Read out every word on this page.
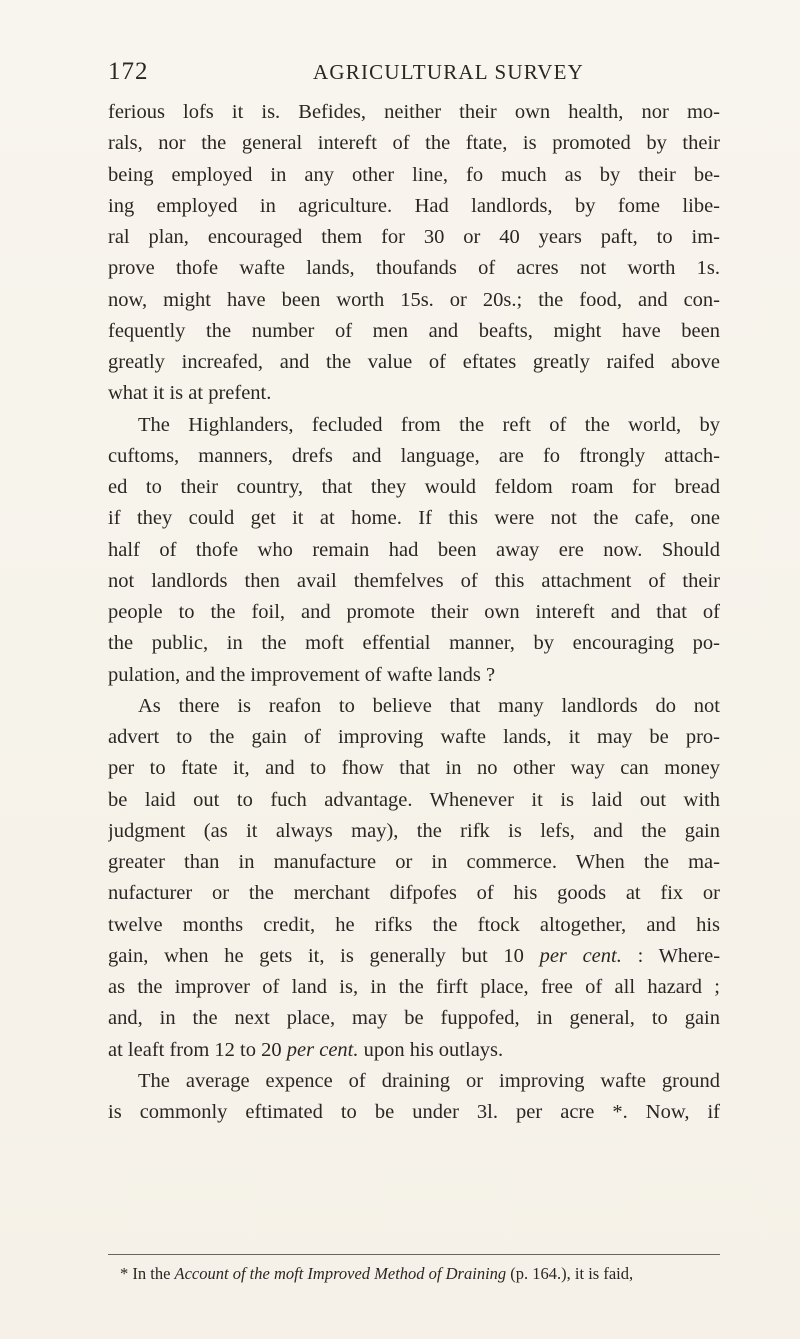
172	AGRICULTURAL SURVEY
ferious lofs it is. Befides, neither their own health, nor mo-
rals, nor the general intereft of the ftate, is promoted by their
being employed in any other line, fo much as by their be-
ing employed in agriculture. Had landlords, by fome libe-
ral plan, encouraged them for 30 or 40 years paft, to im-
prove thofe wafte lands, thoufands of acres not worth 1s.
now, might have been worth 15s. or 20s.; the food, and con-
fequently the number of men and beafts, might have been
greatly increafed, and the value of eftates greatly raifed above
what it is at prefent.
The Highlanders, fecluded from the reft of the world, by
cuftoms, manners, drefs and language, are fo ftrongly attach-
ed to their country, that they would feldom roam for bread
if they could get it at home. If this were not the cafe, one
half of thofe who remain had been away ere now. Should
not landlords then avail themfelves of this attachment of their
people to the foil, and promote their own intereft and that of
the public, in the moft effential manner, by encouraging po-
pulation, and the improvement of wafte lands ?
As there is reafon to believe that many landlords do not
advert to the gain of improving wafte lands, it may be pro-
per to ftate it, and to fhow that in no other way can money
be laid out to fuch advantage. Whenever it is laid out with
judgment (as it always may), the rifk is lefs, and the gain
greater than in manufacture or in commerce. When the ma-
nufacturer or the merchant difpofes of his goods at fix or
twelve months credit, he rifks the ftock altogether, and his
gain, when he gets it, is generally but 10 per cent. : Where-
as the improver of land is, in the firft place, free of all hazard ;
and, in the next place, may be fuppofed, in general, to gain
at leaft from 12 to 20 per cent. upon his outlays.
The average expence of draining or improving wafte ground
is commonly eftimated to be under 3l. per acre *. Now, if
* In the Account of the moft Improved Method of Draining (p. 164.), it is faid,
